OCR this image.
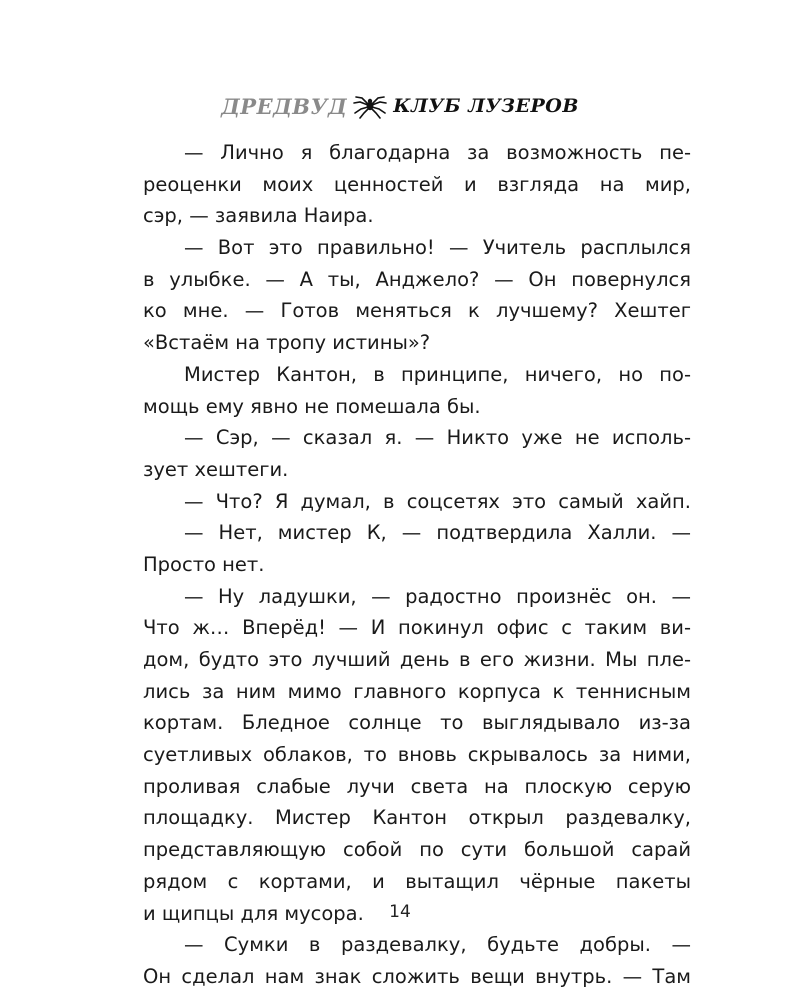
ДРЕДВУД КЛУБ ЛУЗЕРОВ
— Лично я благодарна за возможность пе-
реоценки моих ценностей и взгляда на мир,
сэр, — заявила Наира.
— Вот это правильно! — Учитель расплылся
в улыбке. — А ты, Анджело? — Он повернулся
ко мне. — Готов меняться к лучшему? Хештег
«Встаём на тропу истины»?
Мистер Кантон, в принципе, ничего, но по-
мощь ему явно не помешала бы.
— Сэр, — сказал я. — Никто уже не исполь-
зует хештеги.
— Что? Я думал, в соцсетях это самый хайп.
— Нет, мистер К, — подтвердила Халли. —
Просто нет.
— Ну ладушки, — радостно произнёс он. —
Что ж… Вперёд! — И покинул офис с таким ви-
дом, будто это лучший день в его жизни. Мы пле-
лись за ним мимо главного корпуса к теннисным
кортам. Бледное солнце то выглядывало из-за
суетливых облаков, то вновь скрывалось за ними,
проливая слабые лучи света на плоскую серую
площадку. Мистер Кантон открыл раздевалку,
представляющую собой по сути большой сарай
рядом с кортами, и вытащил чёрные пакеты
и щипцы для мусора.
— Сумки в раздевалку, будьте добры. —
Он сделал нам знак сложить вещи внутрь. — Там
14
